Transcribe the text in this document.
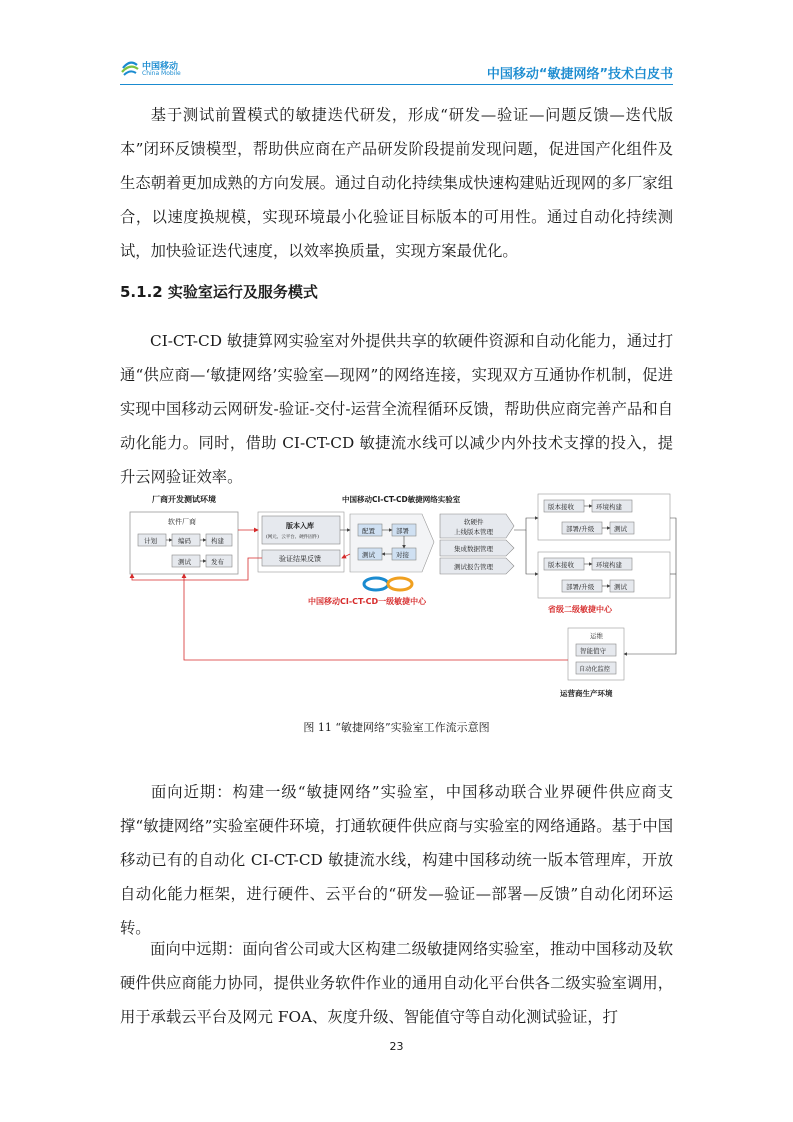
中国移动
China Mobile	中国移动“敏捷网络”技术白皮书

基于测试前置模式的敏捷迭代研发，形成“研发—验证—问题反馈—迭代版本”闭环反馈模型，帮助供应商在产品研发阶段提前发现问题，促进国产化组件及生态朝着更加成熟的方向发展。通过自动化持续集成快速构建贴近现网的多厂家组合，以速度换规模，实现环境最小化验证目标版本的可用性。通过自动化持续测试，加快验证迭代速度，以效率换质量，实现方案最优化。

5.1.2 实验室运行及服务模式

CI-CT-CD 敏捷算网实验室对外提供共享的软硬件资源和自动化能力，通过打通“供应商—‘敏捷网络’实验室—现网”的网络连接，实现双方互通协作机制，促进实现中国移动云网研发-验证-交付-运营全流程循环反馈，帮助供应商完善产品和自动化能力。同时，借助 CI-CT-CD 敏捷流水线可以减少内外技术支撑的投入，提升云网验证效率。

厂商开发测试环境
软件厂商
计划	编码	构建
测试	发布
中国移动CI-CT-CD敏捷网络实验室
版本入库
(网元、云平台、硬件固件)
验证结果反馈
配置	部署
测试	对接
软硬件
上线版本管理
集成数据管理
测试报告管理
中国移动CI-CT-CD一级敏捷中心
版本接收	环境构建
部署/升级	测试
版本接收	环境构建
部署/升级	测试
省级二级敏捷中心
运维
智能值守
自动化监控
运营商生产环境
图 11 “敏捷网络”实验室工作流示意图

面向近期：构建一级“敏捷网络”实验室，中国移动联合业界硬件供应商支撑“敏捷网络”实验室硬件环境，打通软硬件供应商与实验室的网络通路。基于中国移动已有的自动化 CI-CT-CD 敏捷流水线，构建中国移动统一版本管理库，开放自动化能力框架，进行硬件、云平台的“研发—验证—部署—反馈”自动化闭环运转。

面向中远期：面向省公司或大区构建二级敏捷网络实验室，推动中国移动及软硬件供应商能力协同，提供业务软件作业的通用自动化平台供各二级实验室调用，用于承载云平台及网元 FOA、灰度升级、智能值守等自动化测试验证，打

23
